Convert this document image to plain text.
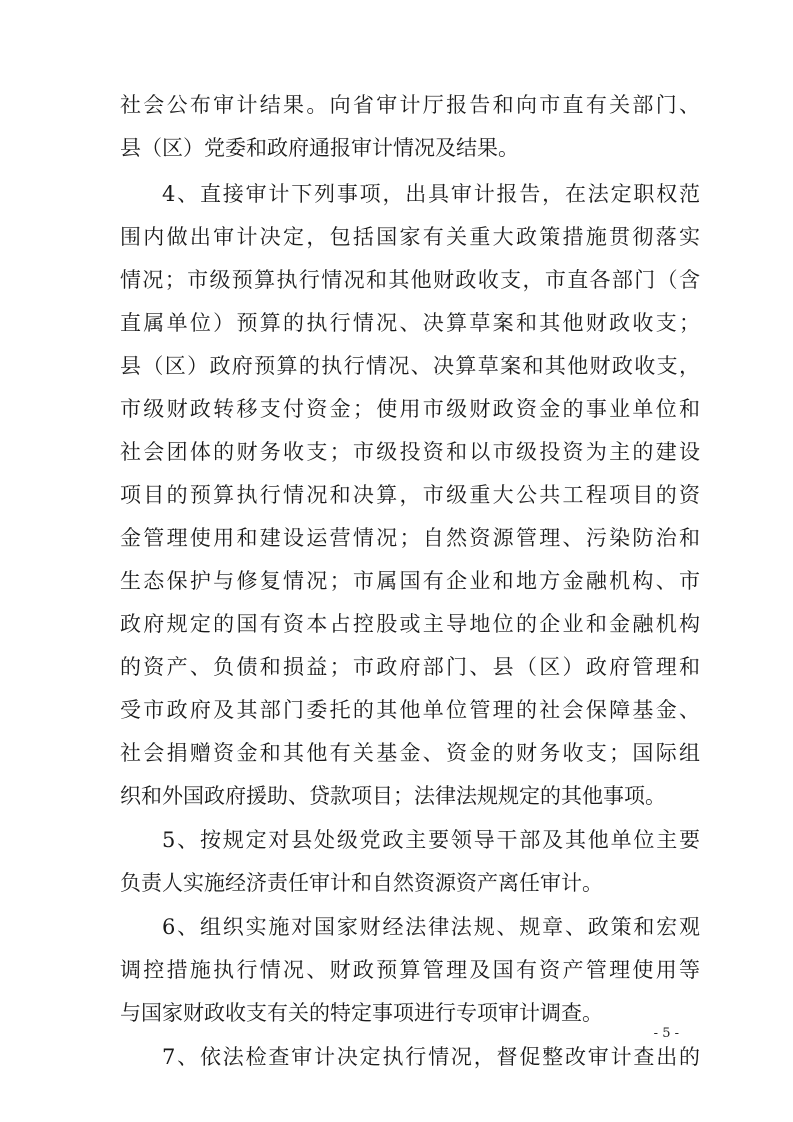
社会公布审计结果。向省审计厅报告和向市直有关部门、
县（区）党委和政府通报审计情况及结果。
4、直接审计下列事项，出具审计报告，在法定职权范
围内做出审计决定，包括国家有关重大政策措施贯彻落实
情况；市级预算执行情况和其他财政收支，市直各部门（含
直属单位）预算的执行情况、决算草案和其他财政收支；
县（区）政府预算的执行情况、决算草案和其他财政收支，
市级财政转移支付资金；使用市级财政资金的事业单位和
社会团体的财务收支；市级投资和以市级投资为主的建设
项目的预算执行情况和决算，市级重大公共工程项目的资
金管理使用和建设运营情况；自然资源管理、污染防治和
生态保护与修复情况；市属国有企业和地方金融机构、市
政府规定的国有资本占控股或主导地位的企业和金融机构
的资产、负债和损益；市政府部门、县（区）政府管理和
受市政府及其部门委托的其他单位管理的社会保障基金、
社会捐赠资金和其他有关基金、资金的财务收支；国际组
织和外国政府援助、贷款项目；法律法规规定的其他事项。
5、按规定对县处级党政主要领导干部及其他单位主要
负责人实施经济责任审计和自然资源资产离任审计。
6、组织实施对国家财经法律法规、规章、政策和宏观
调控措施执行情况、财政预算管理及国有资产管理使用等
与国家财政收支有关的特定事项进行专项审计调查。
7、依法检查审计决定执行情况，督促整改审计查出的
- 5 -
